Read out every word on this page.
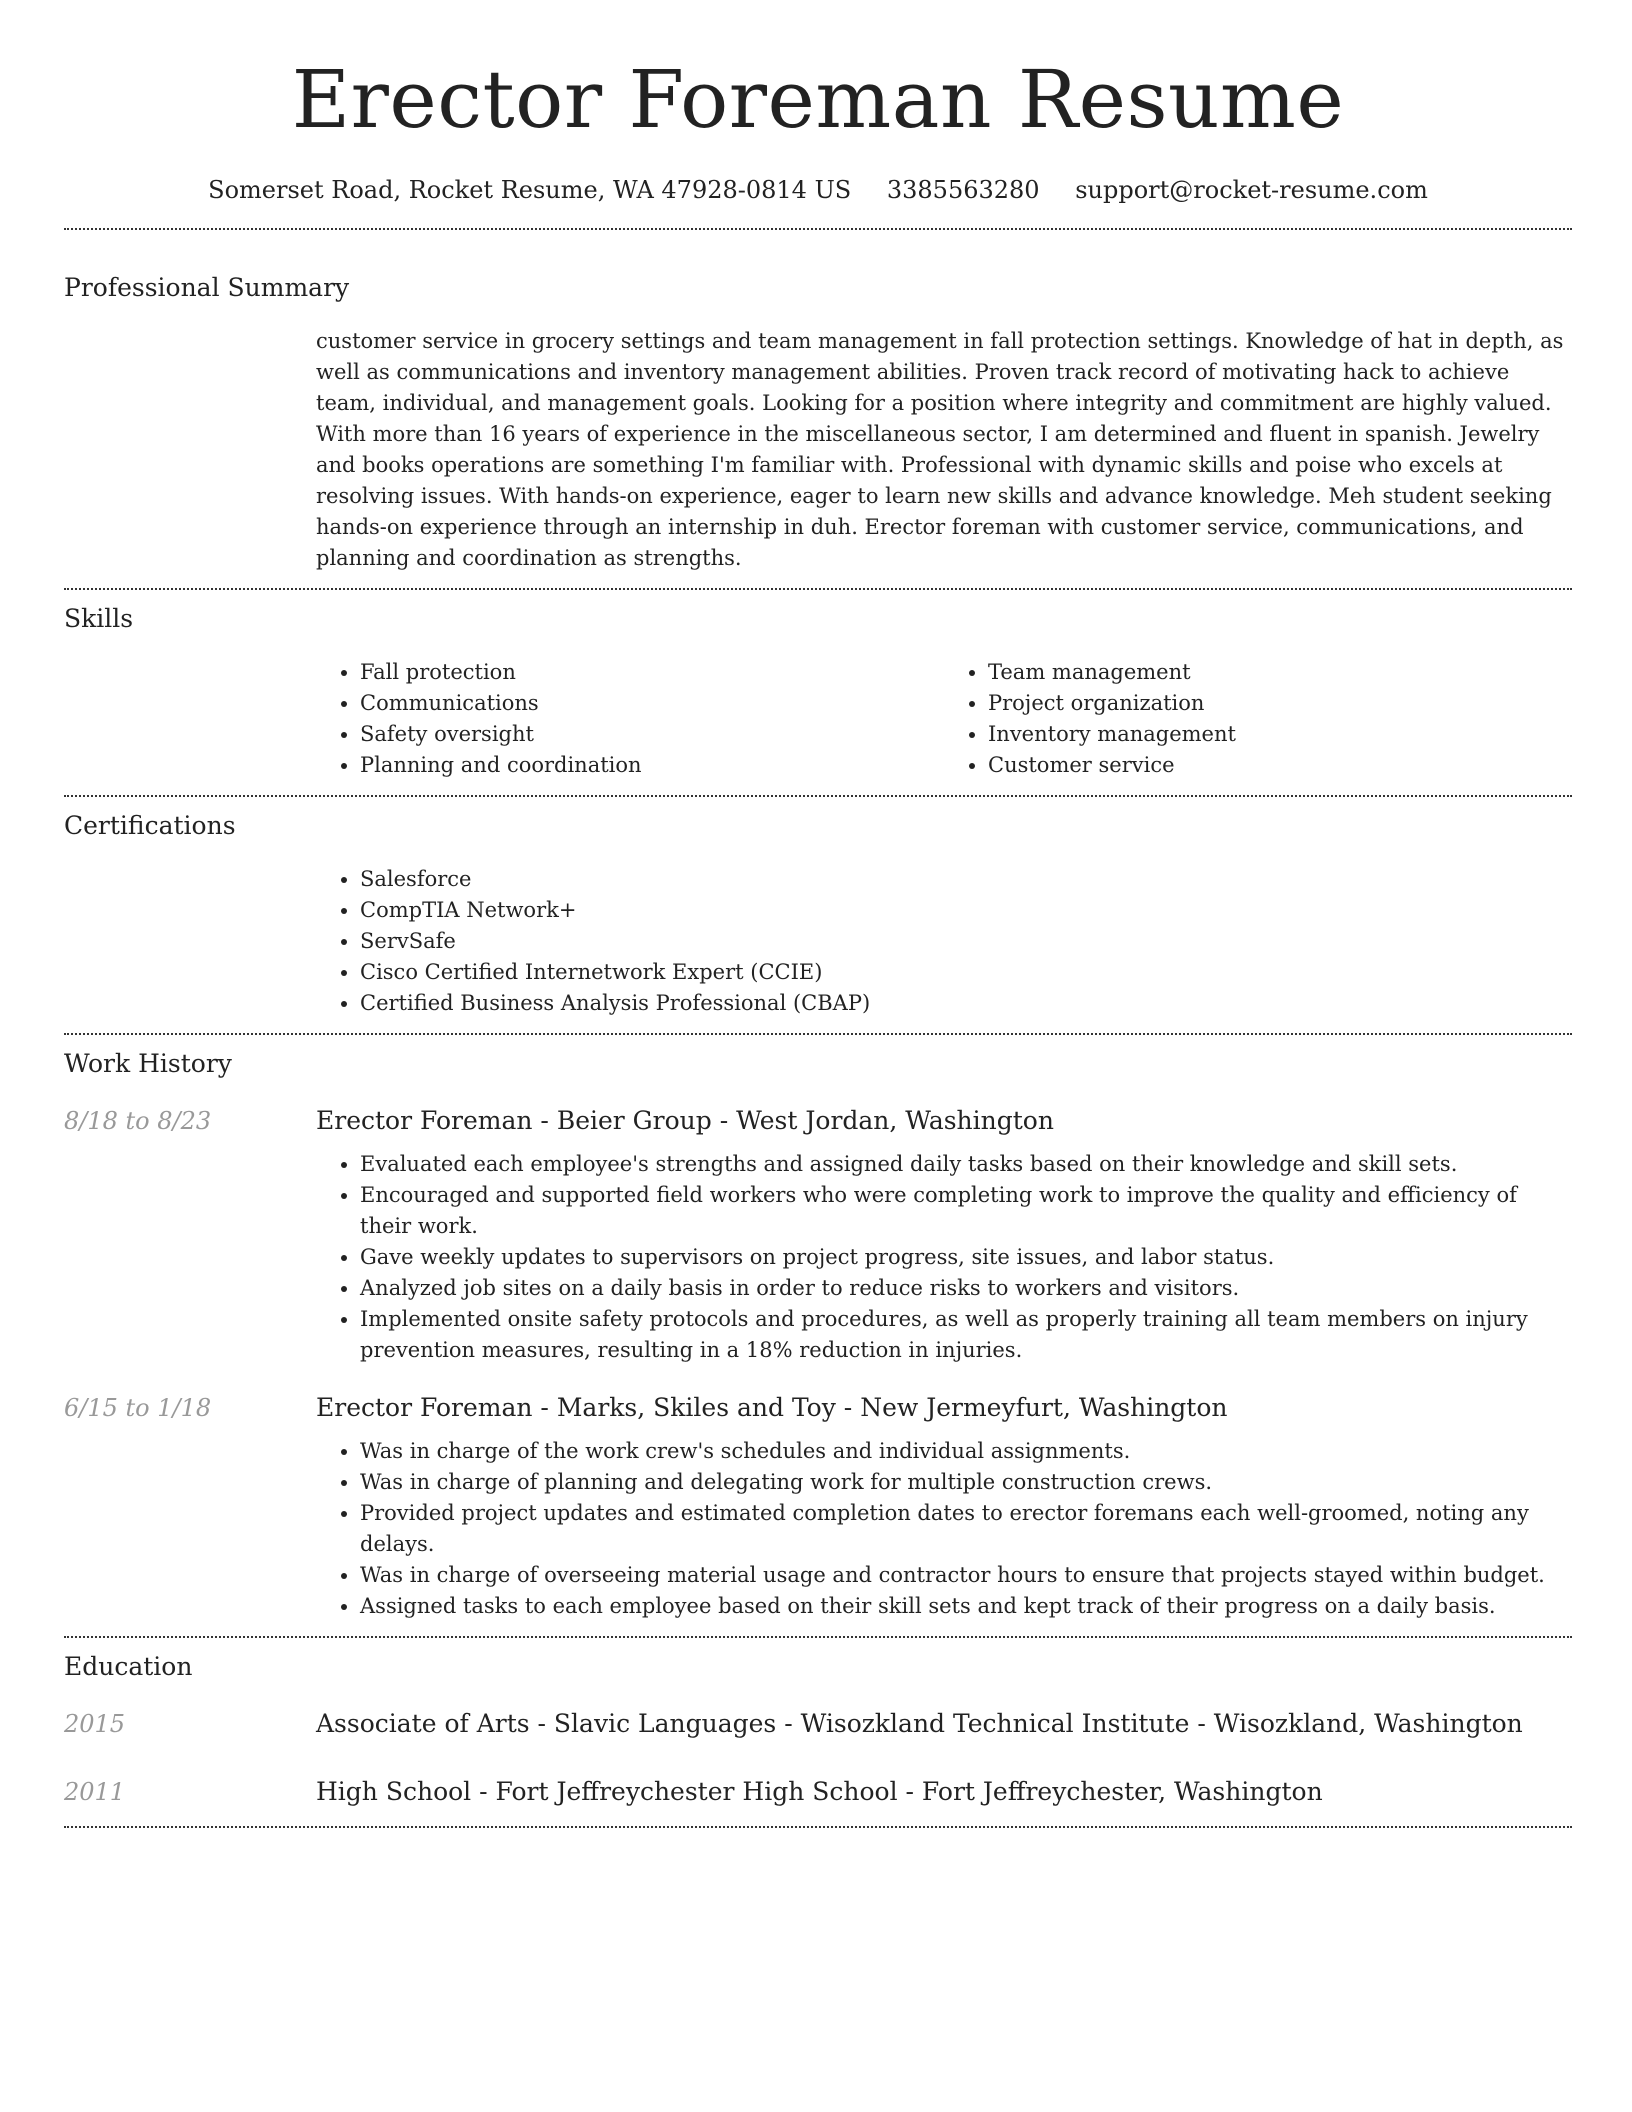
Erector Foreman Resume
Somerset Road, Rocket Resume, WA 47928-0814 US 3385563280 support@rocket-resume.com
Professional Summary
customer service in grocery settings and team management in fall protection settings. Knowledge of hat in depth, as well as communications and inventory management abilities. Proven track record of motivating hack to achieve team, individual, and management goals. Looking for a position where integrity and commitment are highly valued. With more than 16 years of experience in the miscellaneous sector, I am determined and fluent in spanish. Jewelry and books operations are something I'm familiar with. Professional with dynamic skills and poise who excels at resolving issues. With hands-on experience, eager to learn new skills and advance knowledge. Meh student seeking hands-on experience through an internship in duh. Erector foreman with customer service, communications, and planning and coordination as strengths.
Skills
• Fall protection
• Communications
• Safety oversight
• Planning and coordination
• Team management
• Project organization
• Inventory management
• Customer service
Certifications
• Salesforce
• CompTIA Network+
• ServSafe
• Cisco Certified Internetwork Expert (CCIE)
• Certified Business Analysis Professional (CBAP)
Work History
8/18 to 8/23	Erector Foreman - Beier Group - West Jordan, Washington
• Evaluated each employee's strengths and assigned daily tasks based on their knowledge and skill sets.
• Encouraged and supported field workers who were completing work to improve the quality and efficiency of their work.
• Gave weekly updates to supervisors on project progress, site issues, and labor status.
• Analyzed job sites on a daily basis in order to reduce risks to workers and visitors.
• Implemented onsite safety protocols and procedures, as well as properly training all team members on injury prevention measures, resulting in a 18% reduction in injuries.
6/15 to 1/18	Erector Foreman - Marks, Skiles and Toy - New Jermeyfurt, Washington
• Was in charge of the work crew's schedules and individual assignments.
• Was in charge of planning and delegating work for multiple construction crews.
• Provided project updates and estimated completion dates to erector foremans each well-groomed, noting any delays.
• Was in charge of overseeing material usage and contractor hours to ensure that projects stayed within budget.
• Assigned tasks to each employee based on their skill sets and kept track of their progress on a daily basis.
Education
2015	Associate of Arts - Slavic Languages - Wisozkland Technical Institute - Wisozkland, Washington
2011	High School - Fort Jeffreychester High School - Fort Jeffreychester, Washington
